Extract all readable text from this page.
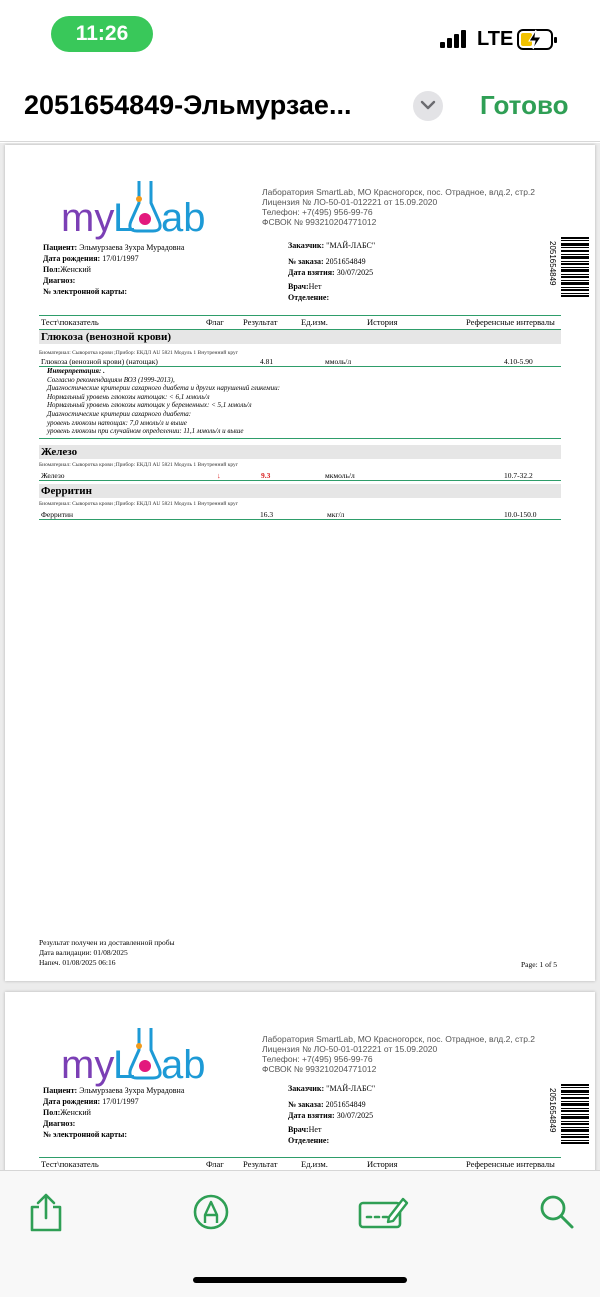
11:26	LTE
2051654849-Эльмурзае...	Готово
my
L ab
Лаборатория SmartLab, МО Красногорск, пос. Отрадное, влд.2, стр.2
Лицензия № ЛО-50-01-012221 от 15.09.2020
Телефон: +7(495) 956-99-76
ФСВОК № 993210204771012
2051654849
Пациент: Эльмурзаева Зухра Мурадовна
Дата рождения: 17/01/1997
Пол:Женский
Диагноз:
№ электронной карты:
Заказчик: "МАЙ-ЛАБС"
№ заказа: 2051654849
Дата взятия: 30/07/2025
Врач:Нет
Отделение:
Тест\показатель	Флаг Результат	Ед.изм.	История	Референсные интервалы
Глюкоза (венозной крови)
Биоматериал: Сыворотка крови ;Прибор: ЕКДЛ AU 5821 Модуль 1 Внутренний круг
Глюкоза (венозной крови) (натощак)	4.81	ммоль/л	4.10-5.90
Интерпретация: .
Согласно рекомендациям ВОЗ (1999-2013),
Диагностические критерии сахарного диабета и других нарушений гликемии:
Нормальный уровень глюкозы натощак: < 6,1 ммоль/л
Нормальный уровень глюкозы натощак у беременных: < 5,1 ммоль/л
Диагностические критерии сахарного диабета:
уровень глюкозы натощак: 7,0 ммоль/л и выше
уровень глюкозы при случайном определении: 11,1 ммоль/л и выше
Железо
Биоматериал: Сыворотка крови ;Прибор: ЕКДЛ AU 5821 Модуль 1 Внутренний круг
Железо	↓	9.3	мкмоль/л	10.7-32.2
Ферритин
Биоматериал: Сыворотка крови ;Прибор: ЕКДЛ AU 5821 Модуль 1 Внутренний круг
Ферритин	16.3	мкг/л	10.0-150.0
Результат получен из доставленной пробы
Дата валидации: 01/08/2025
Напеч. 01/08/2025 06:16	Page: 1 of 5
my
L ab
Лаборатория SmartLab, МО Красногорск, пос. Отрадное, влд.2, стр.2
Лицензия № ЛО-50-01-012221 от 15.09.2020
Телефон: +7(495) 956-99-76
ФСВОК № 993210204771012
2051654849
Пациент: Эльмурзаева Зухра Мурадовна
Дата рождения: 17/01/1997
Пол:Женский
Диагноз:
№ электронной карты:
Заказчик: "МАЙ-ЛАБС"
№ заказа: 2051654849
Дата взятия: 30/07/2025
Врач:Нет
Отделение:
Тест\показатель	Флаг Результат	Ед.изм.	История	Референсные интервалы
